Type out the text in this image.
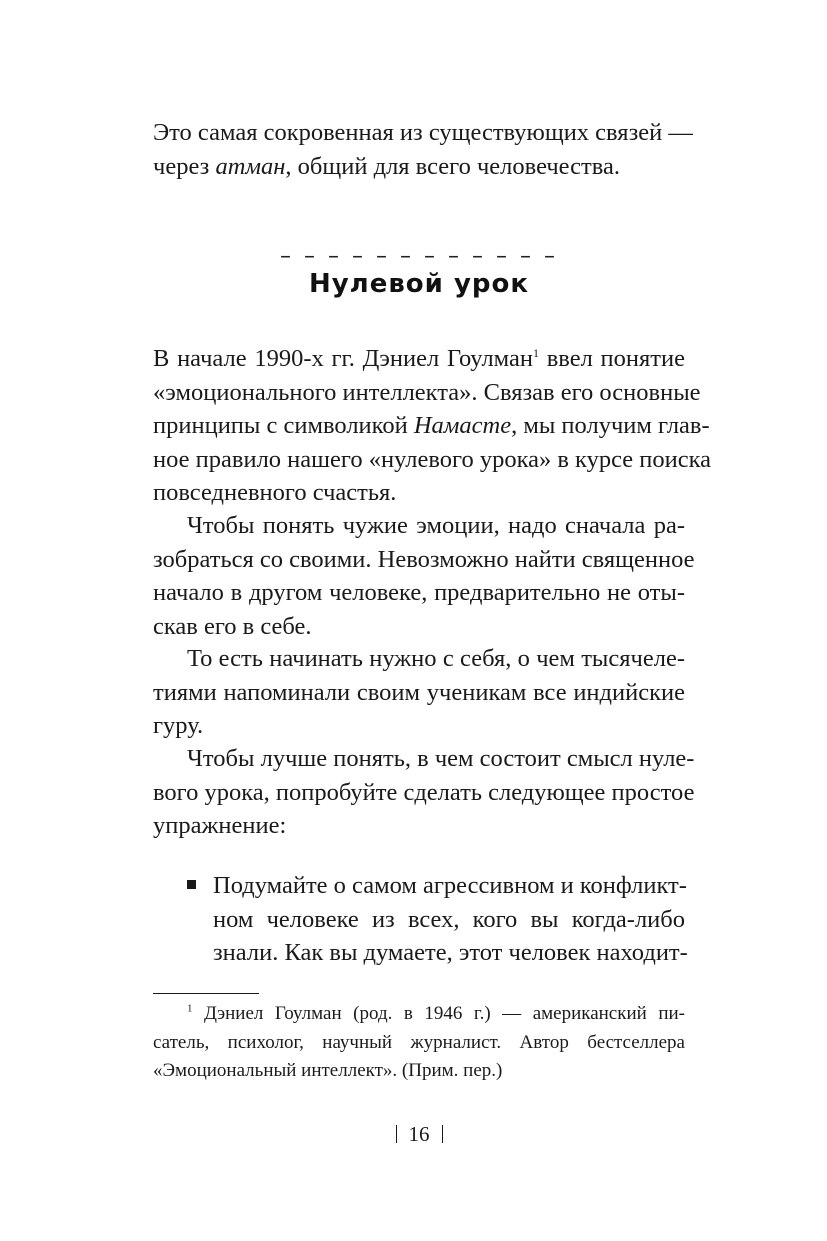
Это самая сокровенная из существующих связей —
через атман, общий для всего человечества.

– – – – – – – – – – – –
Нулевой урок

В начале 1990-х гг. Дэниел Гоулман$^1$ ввел понятие
«эмоционального интеллекта». Связав его основные
принципы с символикой Намасте, мы получим глав-
ное правило нашего «нулевого урока» в курсе поиска
повседневного счастья.

Чтобы понять чужие эмоции, надо сначала ра-
зобраться со своими. Невозможно найти священное
начало в другом человеке, предварительно не оты-
скав его в себе.

То есть начинать нужно с себя, о чем тысячеле-
тиями напоминали своим ученикам все индийские
гуру.

Чтобы лучше понять, в чем состоит смысл нуле-
вого урока, попробуйте сделать следующее простое
упражнение:

Подумайте о самом агрессивном и конфликт-
ном человеке из всех, кого вы когда-либо
знали. Как вы думаете, этот человек находит-

$^1$ Дэниел Гоулман (род. в 1946 г.) — американский пи-
сатель, психолог, научный журналист. Автор бестселлера
«Эмоциональный интеллект». (Прим. пер.)

16
